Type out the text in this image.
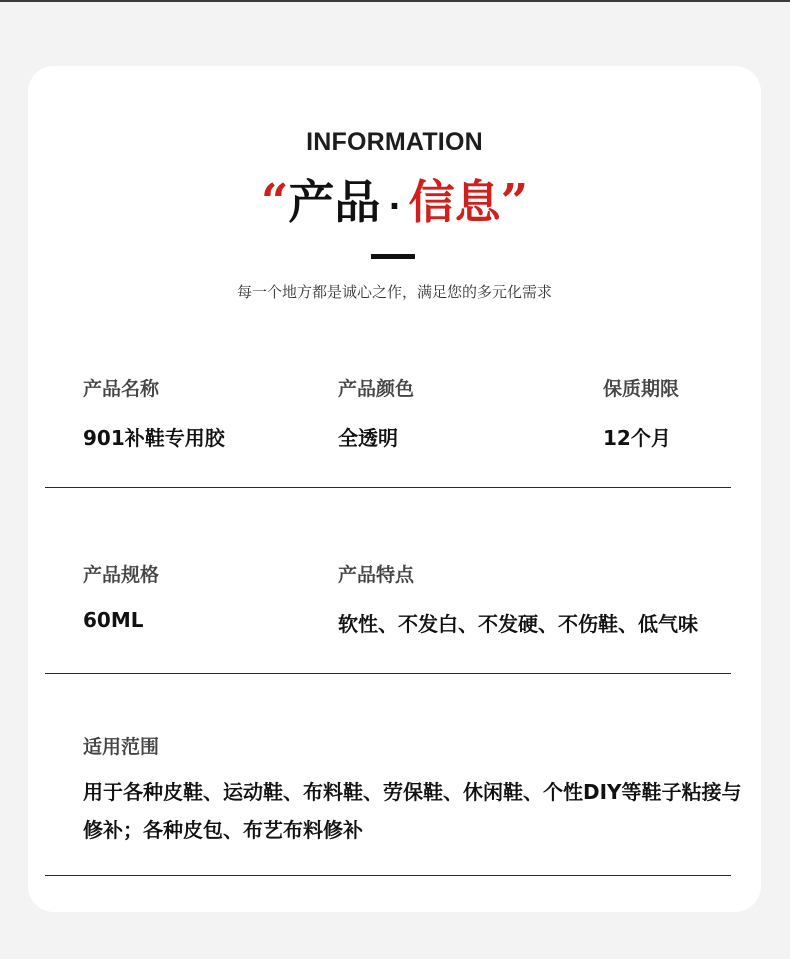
INFORMATION
“产品 · 信息”
每一个地方都是诚心之作，满足您的多元化需求
产品名称
901补鞋专用胶
产品颜色
全透明
保质期限
12个月
产品规格
60ML
产品特点
软性、不发白、不发硬、不伤鞋、低气味
适用范围
用于各种皮鞋、运动鞋、布料鞋、劳保鞋、休闲鞋、个性DIY等鞋子粘接与修补；各种皮包、布艺布料修补
